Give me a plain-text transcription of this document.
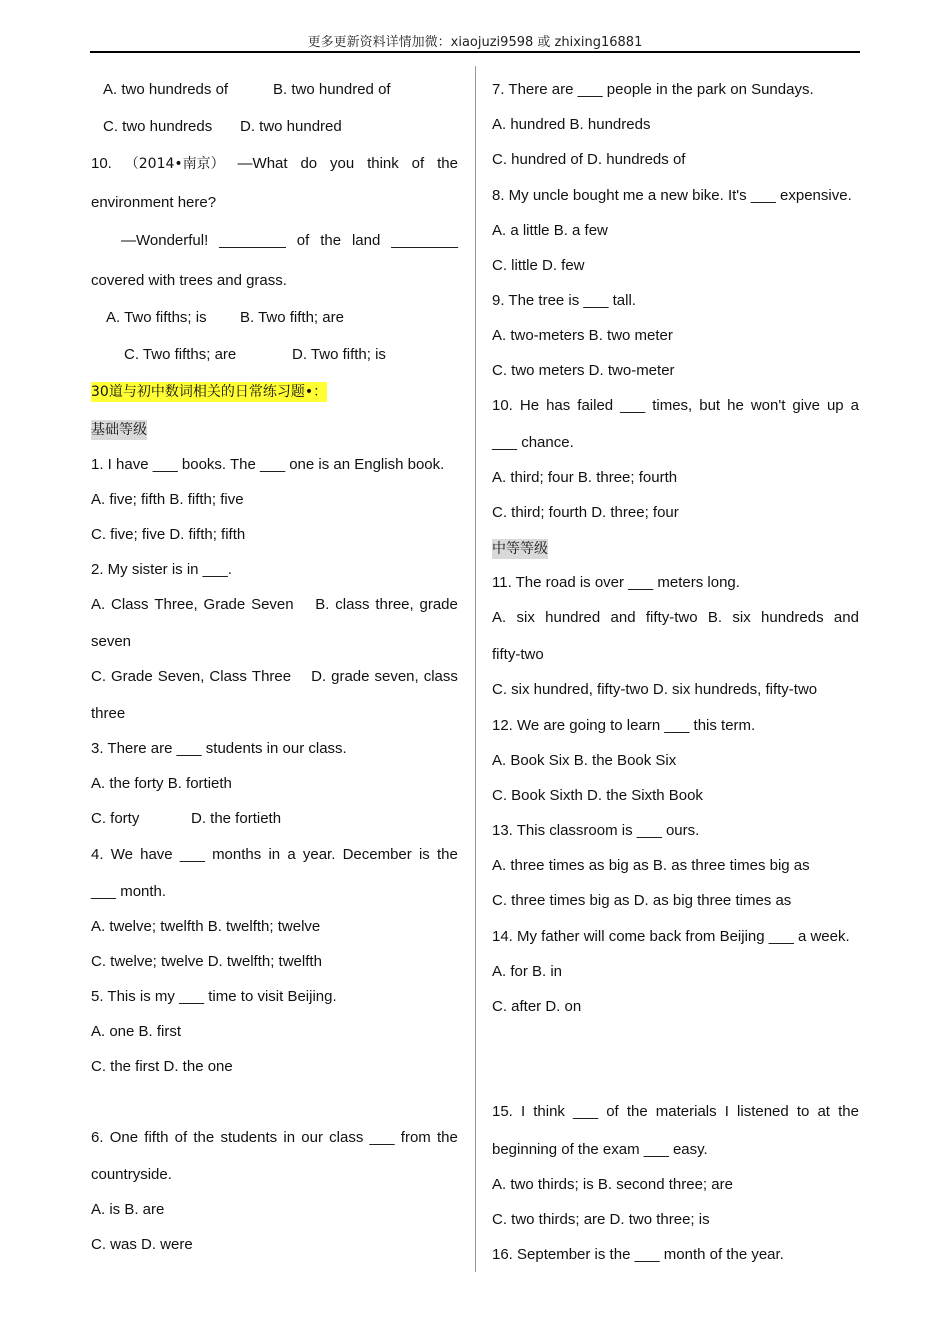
更多更新资料详情加微：xiaojuzi9598 或 zhixing16881
A. two hundreds of	B. two hundred of
C. two hundreds D. two hundred
10. （2014•南京） —What do you think of the
environment here?
—Wonderful! ________ of the land ________
covered with trees and grass.
A. Two fifths; is B. Two fifth; are
C. Two fifths; are	D. Two fifth; is
30道与初中数词相关的日常练习题•：
基础等级
1. I have ___ books. The ___ one is an English book.
A. five; fifth B. fifth; five
C. five; five D. fifth; fifth
2. My sister is in ___.
A. Class Three, Grade Seven B. class three, grade
seven
C. Grade Seven, Class Three D. grade seven, class
three
3. There are ___ students in our class.
A. the forty B. fortieth
C. forty	D. the fortieth
4. We have ___ months in a year. December is the
___ month.
A. twelve; twelfth B. twelfth; twelve
C. twelve; twelve D. twelfth; twelfth
5. This is my ___ time to visit Beijing.
A. one B. first
C. the first D. the one
6. One fifth of the students in our class ___ from the
countryside.
A. is B. are
C. was D. were
7. There are ___ people in the park on Sundays.
A. hundred B. hundreds
C. hundred of D. hundreds of
8. My uncle bought me a new bike. It's ___ expensive.
A. a little B. a few
C. little D. few
9. The tree is ___ tall.
A. two-meters B. two meter
C. two meters D. two-meter
10. He has failed ___ times, but he won't give up a
___ chance.
A. third; four B. three; fourth
C. third; fourth D. three; four
中等等级
11. The road is over ___ meters long.
A. six hundred and fifty-two B. six hundreds and
fifty-two
C. six hundred, fifty-two D. six hundreds, fifty-two
12. We are going to learn ___ this term.
A. Book Six B. the Book Six
C. Book Sixth D. the Sixth Book
13. This classroom is ___ ours.
A. three times as big as B. as three times big as
C. three times big as D. as big three times as
14. My father will come back from Beijing ___ a week.
A. for B. in
C. after D. on
15. I think ___ of the materials I listened to at the
beginning of the exam ___ easy.
A. two thirds; is B. second three; are
C. two thirds; are D. two three; is
16. September is the ___ month of the year.
